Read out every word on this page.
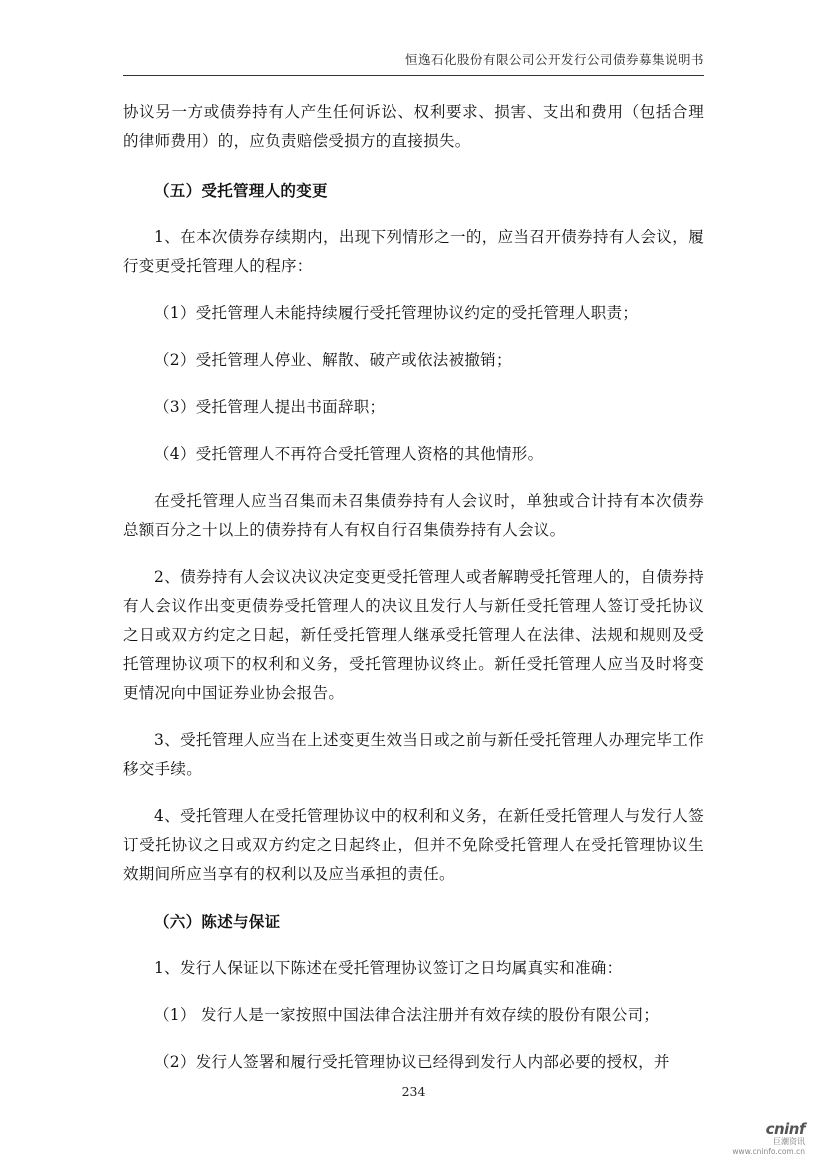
恒逸石化股份有限公司公开发行公司债券募集说明书

协议另一方或债券持有人产生任何诉讼、权利要求、损害、支出和费用（包括合理的律师费用）的，应负责赔偿受损方的直接损失。

（五）受托管理人的变更

1、在本次债券存续期内，出现下列情形之一的，应当召开债券持有人会议，履行变更受托管理人的程序：

（1）受托管理人未能持续履行受托管理协议约定的受托管理人职责；

（2）受托管理人停业、解散、破产或依法被撤销；

（3）受托管理人提出书面辞职；

（4）受托管理人不再符合受托管理人资格的其他情形。

在受托管理人应当召集而未召集债券持有人会议时，单独或合计持有本次债券总额百分之十以上的债券持有人有权自行召集债券持有人会议。

2、债券持有人会议决议决定变更受托管理人或者解聘受托管理人的，自债券持有人会议作出变更债券受托管理人的决议且发行人与新任受托管理人签订受托协议之日或双方约定之日起，新任受托管理人继承受托管理人在法律、法规和规则及受托管理协议项下的权利和义务，受托管理协议终止。新任受托管理人应当及时将变更情况向中国证券业协会报告。

3、受托管理人应当在上述变更生效当日或之前与新任受托管理人办理完毕工作移交手续。

4、受托管理人在受托管理协议中的权利和义务，在新任受托管理人与发行人签订受托协议之日或双方约定之日起终止，但并不免除受托管理人在受托管理协议生效期间所应当享有的权利以及应当承担的责任。

（六）陈述与保证

1、发行人保证以下陈述在受托管理协议签订之日均属真实和准确：

（1） 发行人是一家按照中国法律合法注册并有效存续的股份有限公司；

（2）发行人签署和履行受托管理协议已经得到发行人内部必要的授权，并

234
cninf
巨潮资讯
www.cninfo.com.cn
